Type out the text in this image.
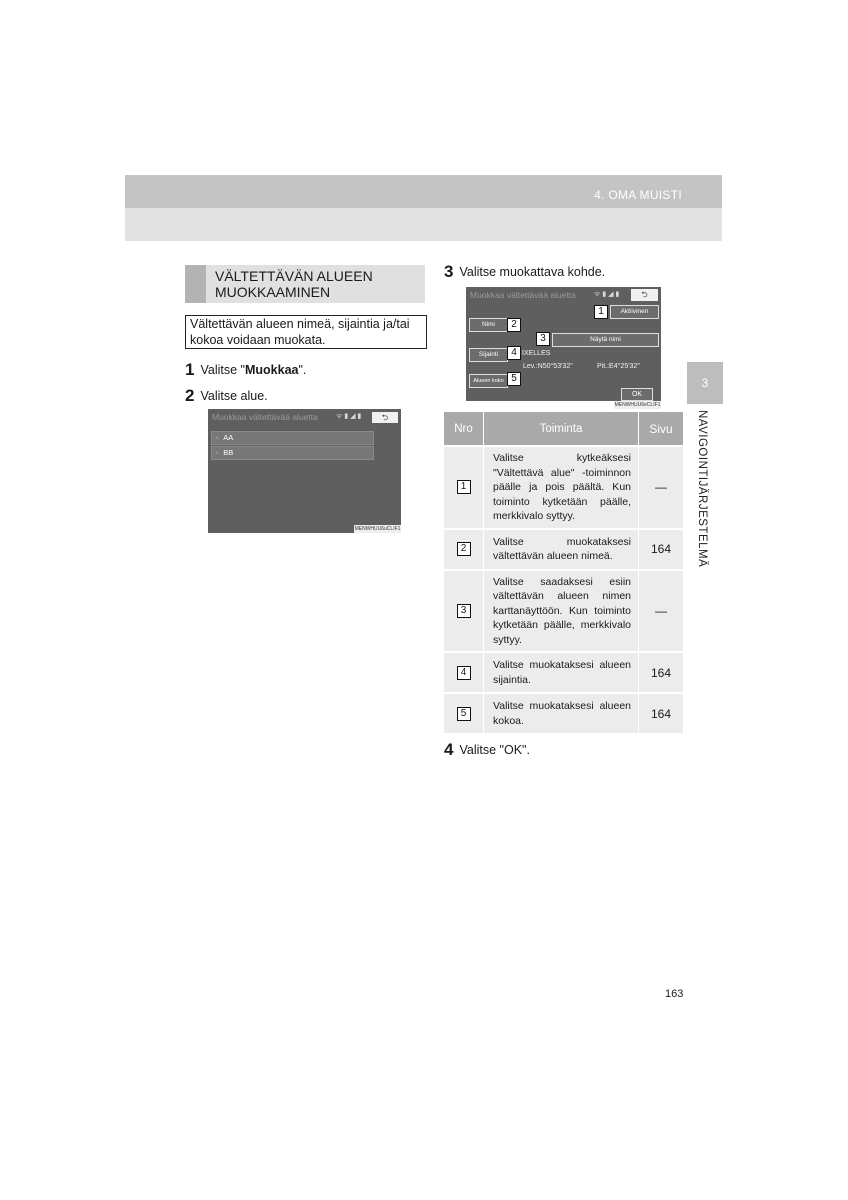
4. OMA MUISTI
3
NAVIGOINTIJÄRJESTELMÄ
VÄLTETTÄVÄN ALUEEN
MUOKKAAMINEN
Vältettävän alueen nimeä, sijaintia ja/tai
kokoa voidaan muokata.
1 Valitse "Muokkaa".
2 Valitse alue.
Muokkaa vältettävää aluetta	ᯤ ▮ ◢ ▮	⮌
⌕ AA
⌕ BB
MENWHUU6uCLIF1
3 Valitse muokattava kohde.
Muokkaa vältettävää aluetta	ᯤ ▮ ◢ ▮	⮌
Aktiivinen
1
Nimi	2
Näytä nimi
3
Sijainti	4 IXELLES
Lev.:N50°53'32"	Pit.:E4°25'32"
Alueen koko 5
OK
MENWHUU6eCLIF1
Nro	Toiminta	Sivu
1	Valitse kytkeäksesi "Vältettävä alue" -toiminnon päälle ja pois päältä. Kun toiminto kytketään päälle, merkkivalo syttyy.	—
2	Valitse muokataksesi vältettävän alueen nimeä.	164
3	Valitse saadaksesi esiin vältettävän alueen nimen karttanäyttöön. Kun toiminto kytketään päälle, merkkivalo syttyy.	—
4	Valitse muokataksesi alueen sijaintia.	164
5	Valitse muokataksesi alueen kokoa.	164
4 Valitse "OK".
163
